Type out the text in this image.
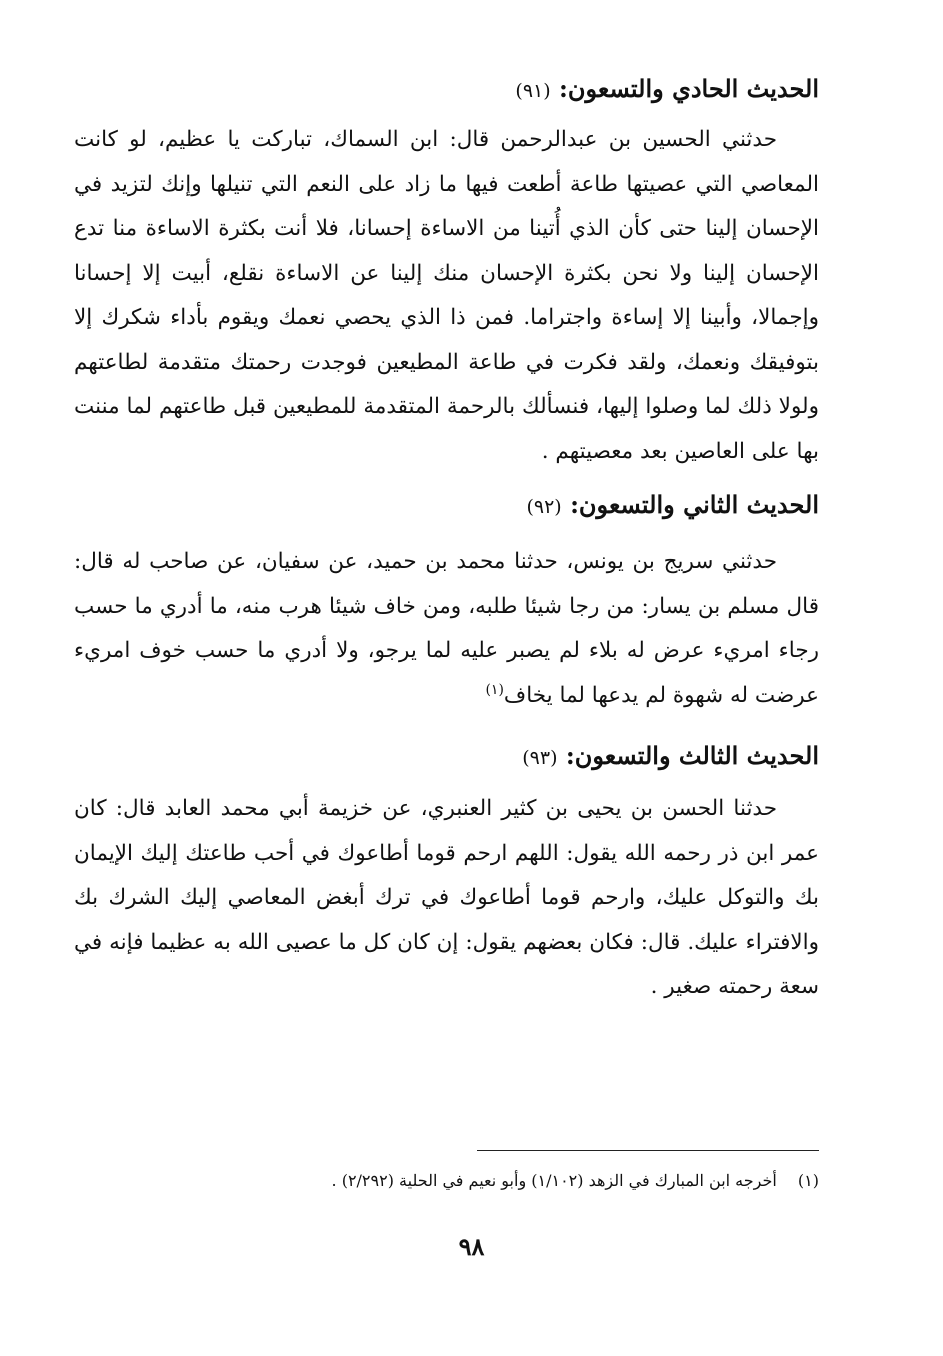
الحديث الحادي والتسعون: (٩١)

حدثني الحسين بن عبدالرحمن قال: ابن السماك، تباركت يا عظيم، لو كانت المعاصي التي عصيتها طاعة أطعت فيها ما زاد على النعم التي تنيلها وإنك لتزيد في الإحسان إلينا حتى كأن الذي أُتينا من الاساءة إحسانا، فلا أنت بكثرة الاساءة منا تدع الإحسان إلينا ولا نحن بكثرة الإحسان منك إلينا عن الاساءة نقلع، أبيت إلا إحسانا وإجمالا، وأبينا إلا إساءة واجتراما. فمن ذا الذي يحصي نعمك ويقوم بأداء شكرك إلا بتوفيقك ونعمك، ولقد فكرت في طاعة المطيعين فوجدت رحمتك متقدمة لطاعتهم ولولا ذلك لما وصلوا إليها، فنسألك بالرحمة المتقدمة للمطيعين قبل طاعتهم لما مننت بها على العاصين بعد معصيتهم .

الحديث الثاني والتسعون: (٩٢)

حدثني سريج بن يونس، حدثنا محمد بن حميد، عن سفيان، عن صاحب له قال: قال مسلم بن يسار: من رجا شيئا طلبه، ومن خاف شيئا هرب منه، ما أدري ما حسب رجاء امريء عرض له بلاء لم يصبر عليه لما يرجو، ولا أدري ما حسب خوف امريء عرضت له شهوة لم يدعها لما يخاف$^{(١)}$

الحديث الثالث والتسعون: (٩٣)

حدثنا الحسن بن يحيى بن كثير العنبري، عن خزيمة أبي محمد العابد قال: كان عمر ابن ذر رحمه الله يقول: اللهم ارحم قوما أطاعوك في أحب طاعتك إليك الإيمان بك والتوكل عليك، وارحم قوما أطاعوك في ترك أبغض المعاصي إليك الشرك بك والافتراء عليك. قال: فكان بعضهم يقول: إن كان كل ما عصيى الله به عظيما فإنه في سعة رحمته صغير .

(١) أخرجه ابن المبارك في الزهد (١/١٠٢) وأبو نعيم في الحلية (٢/٢٩٢) .
٩٨
